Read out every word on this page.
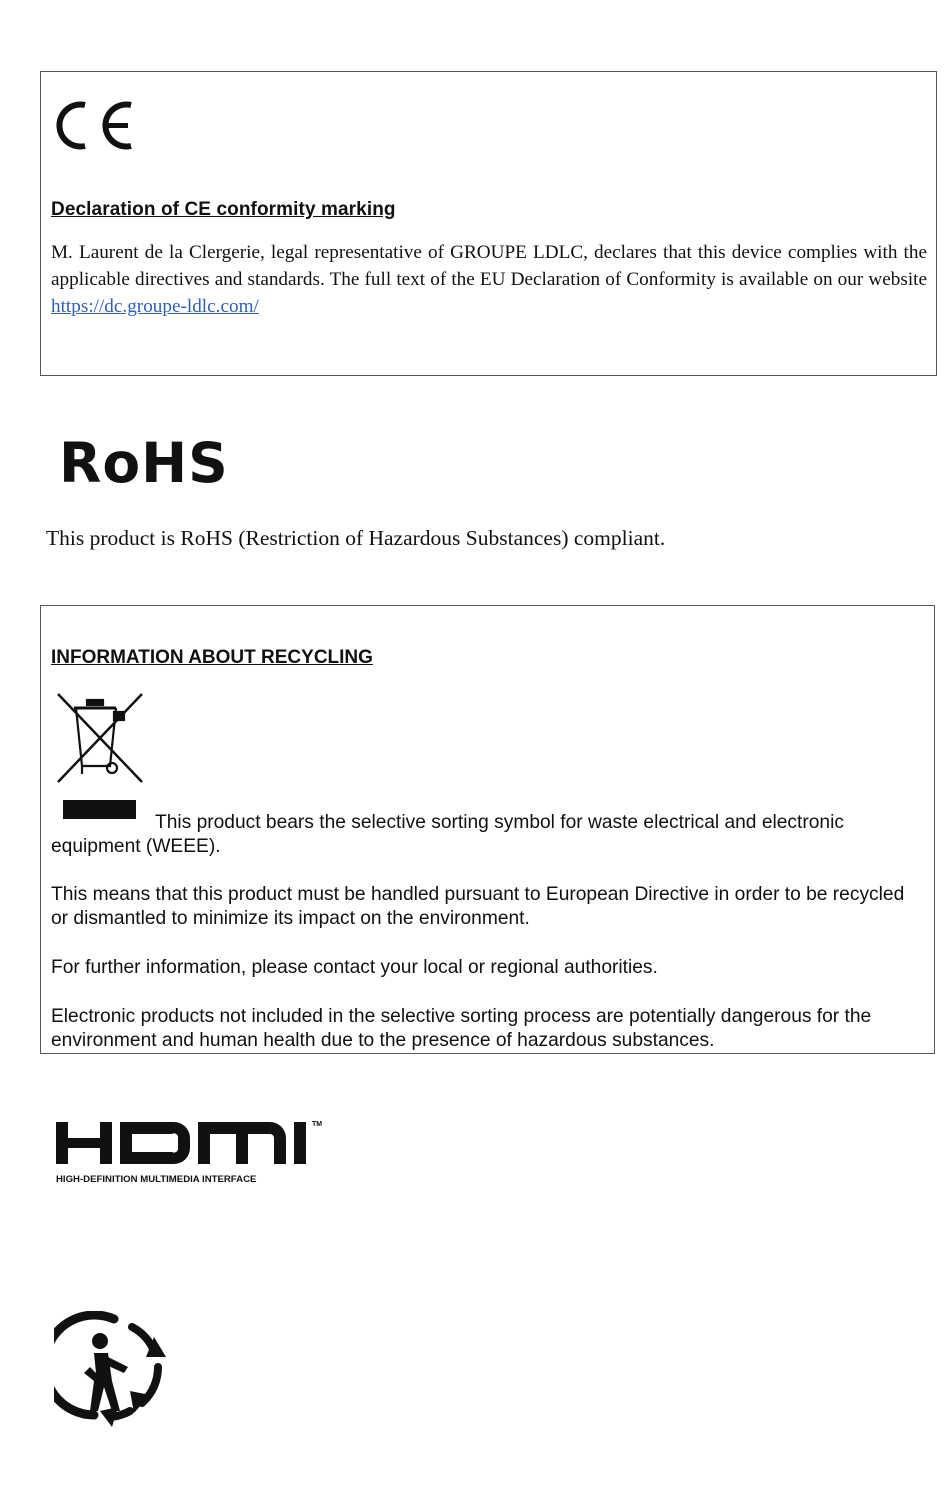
Declaration of CE conformity marking

M. Laurent de la Clergerie, legal representative of GROUPE LDLC, declares that this device complies with the applicable directives and standards. The full text of the EU Declaration of Conformity is available on our website https://dc.groupe-ldlc.com/

RoHS

This product is RoHS (Restriction of Hazardous Substances) compliant.

INFORMATION ABOUT RECYCLING

This product bears the selective sorting symbol for waste electrical and electronic

equipment (WEEE).

This means that this product must be handled pursuant to European Directive in order to be recycled or dismantled to minimize its impact on the environment.

For further information, please contact your local or regional authorities.

Electronic products not included in the selective sorting process are potentially dangerous for the environment and human health due to the presence of hazardous substances.

TM
HIGH-DEFINITION MULTIMEDIA INTERFACE
